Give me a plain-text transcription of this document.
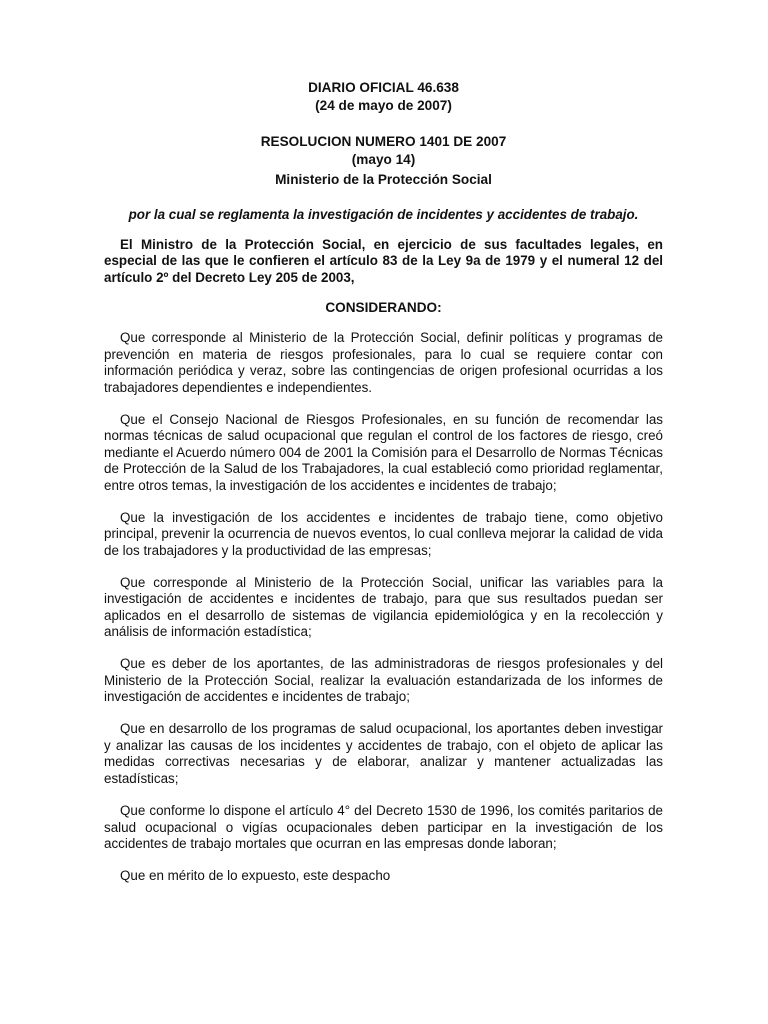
DIARIO OFICIAL 46.638

(24 de mayo de 2007)

RESOLUCION NUMERO 1401 DE 2007

(mayo 14)

Ministerio de la Protección Social

por la cual se reglamenta la investigación de incidentes y accidentes de trabajo.

El Ministro de la Protección Social, en ejercicio de sus facultades legales, en especial de las que le confieren el artículo 83 de la Ley 9a de 1979 y el numeral 12 del artículo 2º del Decreto Ley 205 de 2003,

CONSIDERANDO:

Que corresponde al Ministerio de la Protección Social, definir políticas y programas de prevención en materia de riesgos profesionales, para lo cual se requiere contar con información periódica y veraz, sobre las contingencias de origen profesional ocurridas a los trabajadores dependientes e independientes.

Que el Consejo Nacional de Riesgos Profesionales, en su función de recomendar las normas técnicas de salud ocupacional que regulan el control de los factores de riesgo, creó mediante el Acuerdo número 004 de 2001 la Comisión para el Desarrollo de Normas Técnicas de Protección de la Salud de los Trabajadores, la cual estableció como prioridad reglamentar, entre otros temas, la investigación de los accidentes e incidentes de trabajo;

Que la investigación de los accidentes e incidentes de trabajo tiene, como objetivo principal, prevenir la ocurrencia de nuevos eventos, lo cual conlleva mejorar la calidad de vida de los trabajadores y la productividad de las empresas;

Que corresponde al Ministerio de la Protección Social, unificar las variables para la investigación de accidentes e incidentes de trabajo, para que sus resultados puedan ser aplicados en el desarrollo de sistemas de vigilancia epidemiológica y en la recolección y análisis de información estadística;

Que es deber de los aportantes, de las administradoras de riesgos profesionales y del Ministerio de la Protección Social, realizar la evaluación estandarizada de los informes de investigación de accidentes e incidentes de trabajo;

Que en desarrollo de los programas de salud ocupacional, los aportantes deben investigar y analizar las causas de los incidentes y accidentes de trabajo, con el objeto de aplicar las medidas correctivas necesarias y de elaborar, analizar y mantener actualizadas las estadísticas;

Que conforme lo dispone el artículo 4° del Decreto 1530 de 1996, los comités paritarios de salud ocupacional o vigías ocupacionales deben participar en la investigación de los accidentes de trabajo mortales que ocurran en las empresas donde laboran;

Que en mérito de lo expuesto, este despacho
